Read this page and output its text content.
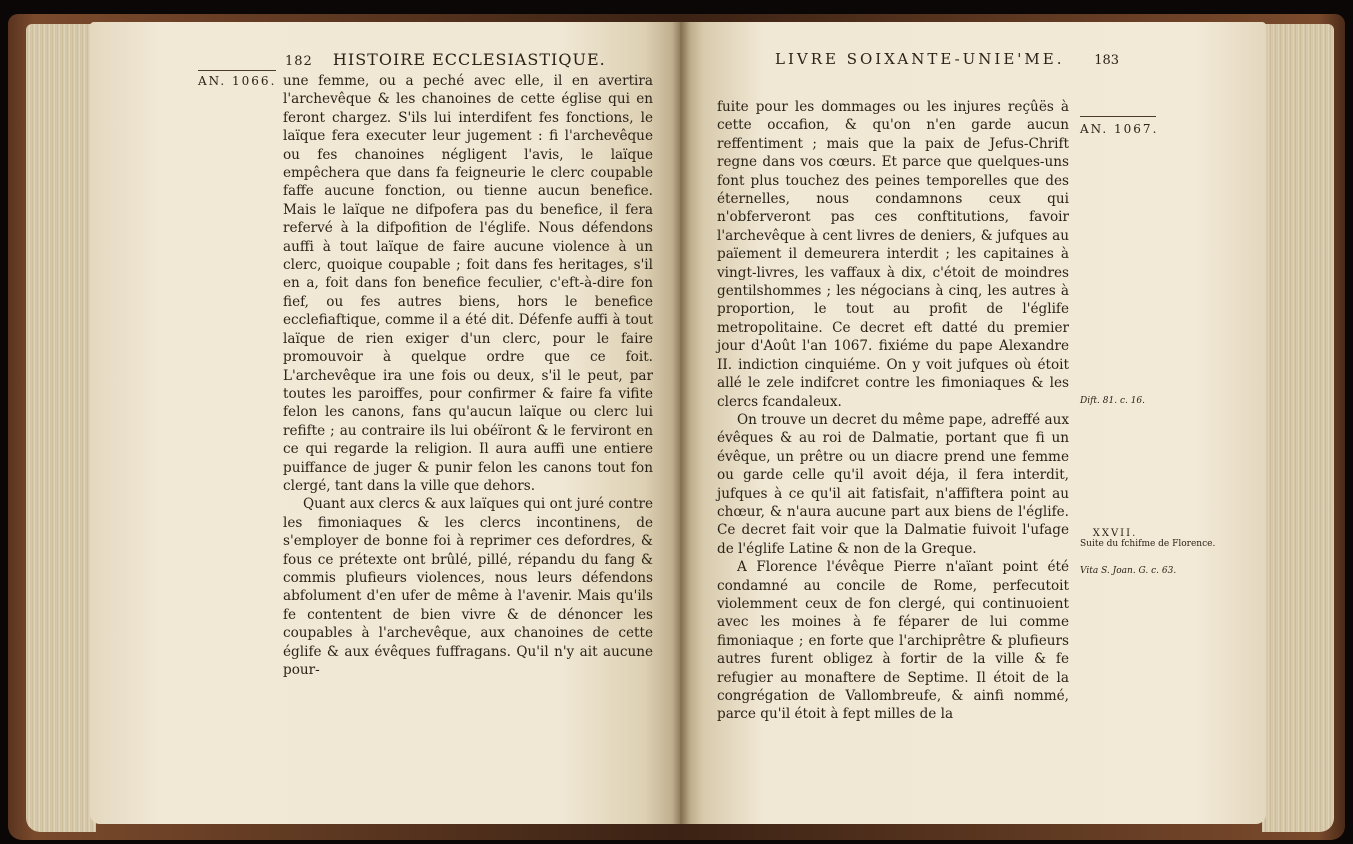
182 HISTOIRE ECCLESIASTIQUE.
AN. 1066. une femme, ou a peché avec elle, il en avertira l'archevêque & les chanoines de cette église qui en feront chargez. S'ils lui interdifent fes fonctions, le laïque fera executer leur jugement : fi l'archevêque ou fes chanoines négligent l'avis, le laïque empêchera que dans fa feigneurie le clerc coupable faffe aucune fonction, ou tienne aucun benefice. Mais le laïque ne difpofera pas du benefice, il fera refervé à la difpofition de l'églife. Nous défendons auffi à tout laïque de faire aucune violence à un clerc, quoique coupable ; foit dans fes heritages, s'il en a, foit dans fon benefice feculier, c'eft-à-dire fon fief, ou fes autres biens, hors le benefice ecclefiaftique, comme il a été dit. Défenfe auffi à tout laïque de rien exiger d'un clerc, pour le faire promouvoir à quelque ordre que ce foit. L'archevêque ira une fois ou deux, s'il le peut, par toutes les paroiffes, pour confirmer & faire fa vifite felon les canons, fans qu'aucun laïque ou clerc lui refifte ; au contraire ils lui obéïront & le ferviront en ce qui regarde la religion. Il aura auffi une entiere puiffance de juger & punir felon les canons tout fon clergé, tant dans la ville que dehors.

Quant aux clercs & aux laïques qui ont juré contre les fimoniaques & les clercs incontinens, de s'employer de bonne foi à reprimer ces defordres, & fous ce prétexte ont brûlé, pillé, répandu du fang & commis plufieurs violences, nous leurs défendons abfolument d'en ufer de même à l'avenir. Mais qu'ils fe contentent de bien vivre & de dénoncer les coupables à l'archevêque, aux chanoines de cette églife & aux évêques fuffragans. Qu'il n'y ait aucune pour-

LIVRE SOIXANTE-UNIE'ME. 183
AN. 1067.

fuite pour les dommages ou les injures reçûës à cette occafion, & qu'on n'en garde aucun reffentiment ; mais que la paix de Jefus-Chrift regne dans vos cœurs. Et parce que quelques-uns font plus touchez des peines temporelles que des éternelles, nous condamnons ceux qui n'obferveront pas ces conftitutions, favoir l'archevêque à cent livres de deniers, & jufques au païement il demeurera interdit ; les capitaines à vingt-livres, les vaffaux à dix, c'étoit de moindres gentilshommes ; les négocians à cinq, les autres à proportion, le tout au profit de l'églife metropolitaine. Ce decret eft datté du premier jour d'Août l'an 1067. fixiéme du pape Alexandre II. indiction cinquiéme. On y voit jufques où étoit allé le zele indifcret contre les fimoniaques & les clercs fcandaleux.

On trouve un decret du même pape, adreffé aux évêques & au roi de Dalmatie, portant que fi un évêque, un prêtre ou un diacre prend une femme ou garde celle qu'il avoit déja, il fera interdit, jufques à ce qu'il ait fatisfait, n'affiftera point au chœur, & n'aura aucune part aux biens de l'églife. Ce decret fait voir que la Dalmatie fuivoit l'ufage de l'églife Latine & non de la Greque.

A Florence l'évêque Pierre n'aïant point été condamné au concile de Rome, perfecutoit violemment ceux de fon clergé, qui continuoient avec les moines à fe féparer de lui comme fimoniaque ; en forte que l'archiprêtre & plufieurs autres furent obligez à fortir de la ville & fe refugier au monaftere de Septime. Il étoit de la congrégation de Vallombreufe, & ainfi nommé, parce qu'il étoit à fept milles de la

Dift. 81. c. 16.
XXVII.
Suite du fchifme de Florence.
Vita S. Joan. G. c. 63.
